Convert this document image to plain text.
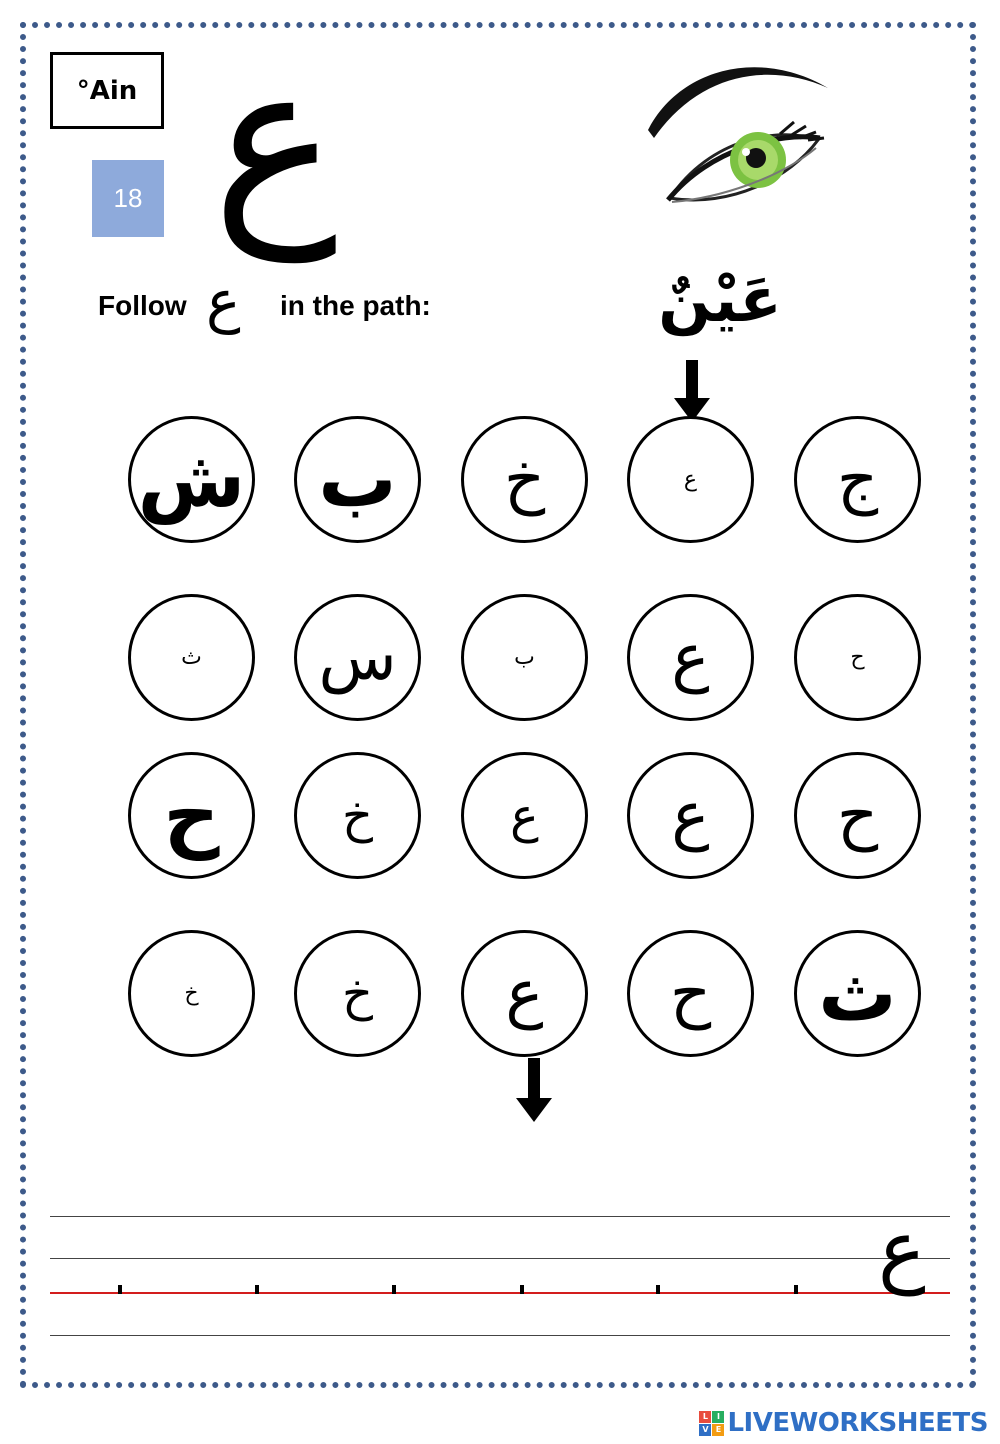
°Ain
18 ع
Follow ع in the path:	عَيْنٌ
ش ب خ	ع ج
ث س	ب ع	ح
ح	خ	ع ع ح
خ	خ ع ح ث
ع
L	I
V E LIVEWORKSHEETS
